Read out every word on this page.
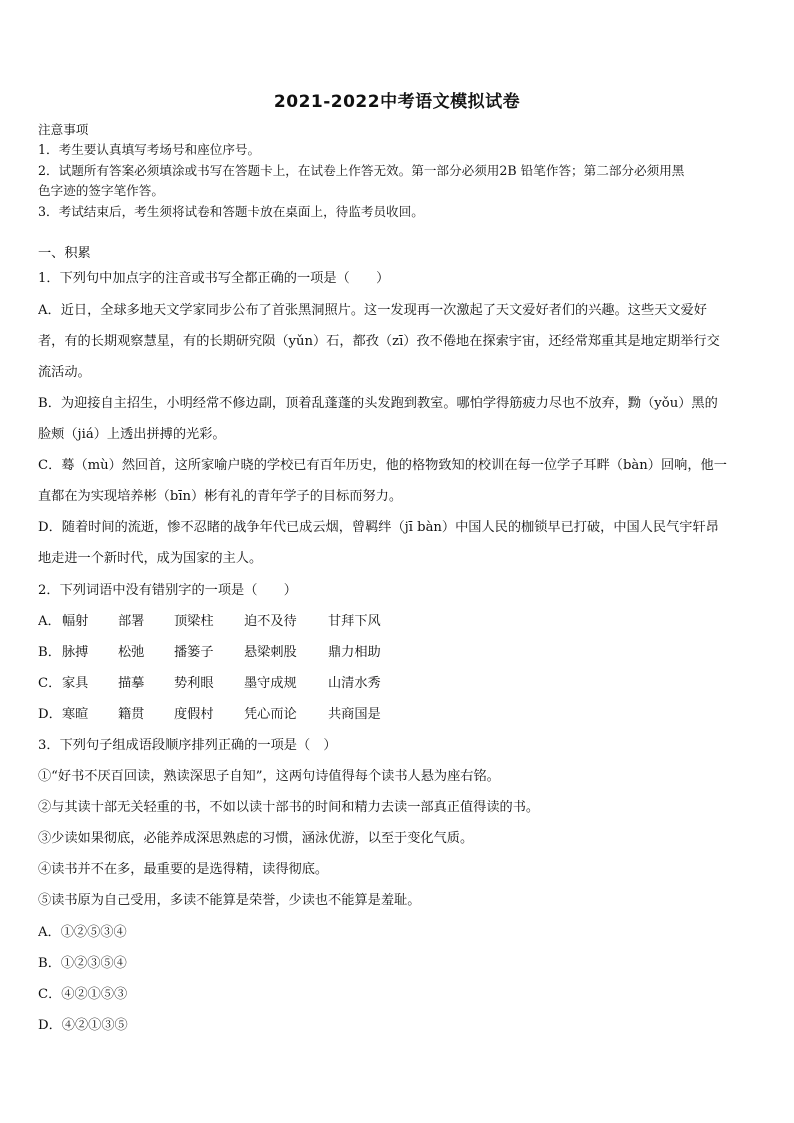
2021-2022中考语文模拟试卷
注意事项
1．考生要认真填写考场号和座位序号。
2．试题所有答案必须填涂或书写在答题卡上，在试卷上作答无效。第一部分必须用2B 铅笔作答；第二部分必须用黑
色字迹的签字笔作答。
3．考试结束后，考生须将试卷和答题卡放在桌面上，待监考员收回。
一、积累
1．下列句中加点字的注音或书写全都正确的一项是（　　）
A．近日，全球多地天文学家同步公布了首张黑洞照片。这一发现再一次激起了天文爱好者们的兴趣。这些天文爱好
者，有的长期观察慧星，有的长期研究陨（yǔn）石，都孜（zī）孜不倦地在探索宇宙，还经常郑重其是地定期举行交
流活动。
B．为迎接自主招生，小明经常不修边副，顶着乱蓬蓬的头发跑到教室。哪怕学得筋疲力尽也不放弃，黝（yǒu）黑的
脸颊（jiá）上透出拼搏的光彩。
C．蓦（mù）然回首，这所家喻户晓的学校已有百年历史，他的格物致知的校训在每一位学子耳畔（bàn）回响，他一
直都在为实现培养彬（bīn）彬有礼的青年学子的目标而努力。
D．随着时间的流逝，惨不忍睹的战争年代已成云烟，曾羁绊（jī bàn）中国人民的枷锁早已打破，中国人民气宇轩昂
地走进一个新时代，成为国家的主人。
2．下列词语中没有错别字的一项是（　　）
A．幅射 部署 顶梁柱 迫不及待 甘拜下风
B．脉搏 松弛 播篓子 悬梁刺股 鼎力相助
C．家具 描摹 势利眼 墨守成规 山清水秀
D．寒暄 籍贯 度假村 凭心而论 共商国是
3．下列句子组成语段顺序排列正确的一项是（　）
①“好书不厌百回读，熟读深思子自知”，这两句诗值得每个读书人悬为座右铭。
②与其读十部无关轻重的书，不如以读十部书的时间和精力去读一部真正值得读的书。
③少读如果彻底，必能养成深思熟虑的习惯，涵泳优游，以至于变化气质。
④读书并不在多，最重要的是选得精，读得彻底。
⑤读书原为自己受用，多读不能算是荣誉，少读也不能算是羞耻。
A．①②⑤③④
B．①②③⑤④
C．④②①⑤③
D．④②①③⑤
